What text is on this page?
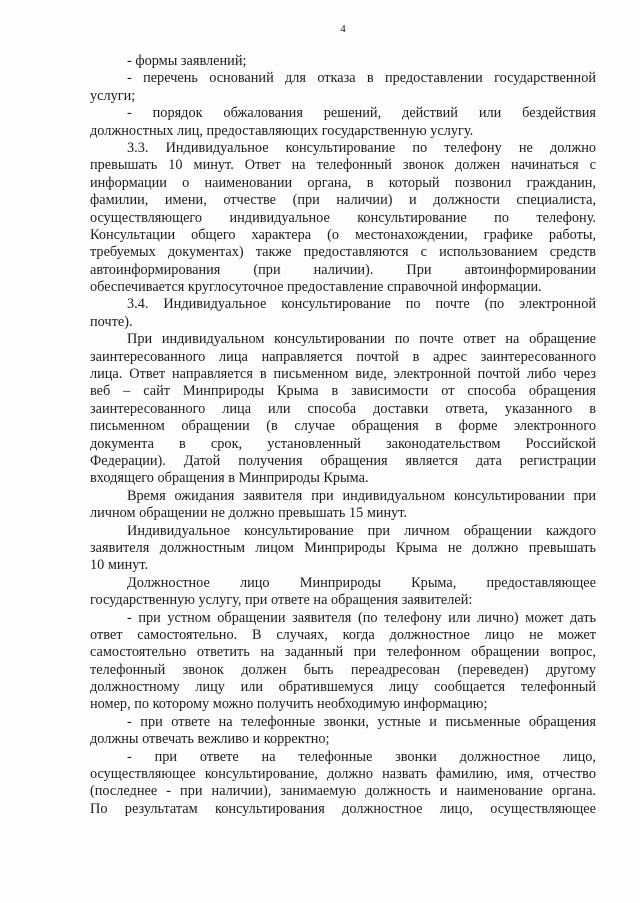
4
- формы заявлений;
- перечень оснований для отказа в предоставлении государственной
услуги;
- порядок обжалования решений, действий или бездействия
должностных лиц, предоставляющих государственную услугу.
3.3. Индивидуальное консультирование по телефону не должно
превышать 10 минут. Ответ на телефонный звонок должен начинаться с
информации о наименовании органа, в который позвонил гражданин,
фамилии, имени, отчестве (при наличии) и должности специалиста,
осуществляющего индивидуальное консультирование по телефону.
Консультации общего характера (о местонахождении, графике работы,
требуемых документах) также предоставляются с использованием средств
автоинформирования (при наличии). При автоинформировании
обеспечивается круглосуточное предоставление справочной информации.
3.4. Индивидуальное консультирование по почте (по электронной
почте).
При индивидуальном консультировании по почте ответ на обращение
заинтересованного лица направляется почтой в адрес заинтересованного
лица. Ответ направляется в письменном виде, электронной почтой либо через
веб – сайт Минприроды Крыма в зависимости от способа обращения
заинтересованного лица или способа доставки ответа, указанного в
письменном обращении (в случае обращения в форме электронного
документа в срок, установленный законодательством Российской
Федерации). Датой получения обращения является дата регистрации
входящего обращения в Минприроды Крыма.
Время ожидания заявителя при индивидуальном консультировании при
личном обращении не должно превышать 15 минут.
Индивидуальное консультирование при личном обращении каждого
заявителя должностным лицом Минприроды Крыма не должно превышать
10 минут.
Должностное лицо Минприроды Крыма, предоставляющее
государственную услугу, при ответе на обращения заявителей:
- при устном обращении заявителя (по телефону или лично) может дать
ответ самостоятельно. В случаях, когда должностное лицо не может
самостоятельно ответить на заданный при телефонном обращении вопрос,
телефонный звонок должен быть переадресован (переведен) другому
должностному лицу или обратившемуся лицу сообщается телефонный
номер, по которому можно получить необходимую информацию;
- при ответе на телефонные звонки, устные и письменные обращения
должны отвечать вежливо и корректно;
- при ответе на телефонные звонки должностное лицо,
осуществляющее консультирование, должно назвать фамилию, имя, отчество
(последнее - при наличии), занимаемую должность и наименование органа.
По результатам консультирования должностное лицо, осуществляющее
